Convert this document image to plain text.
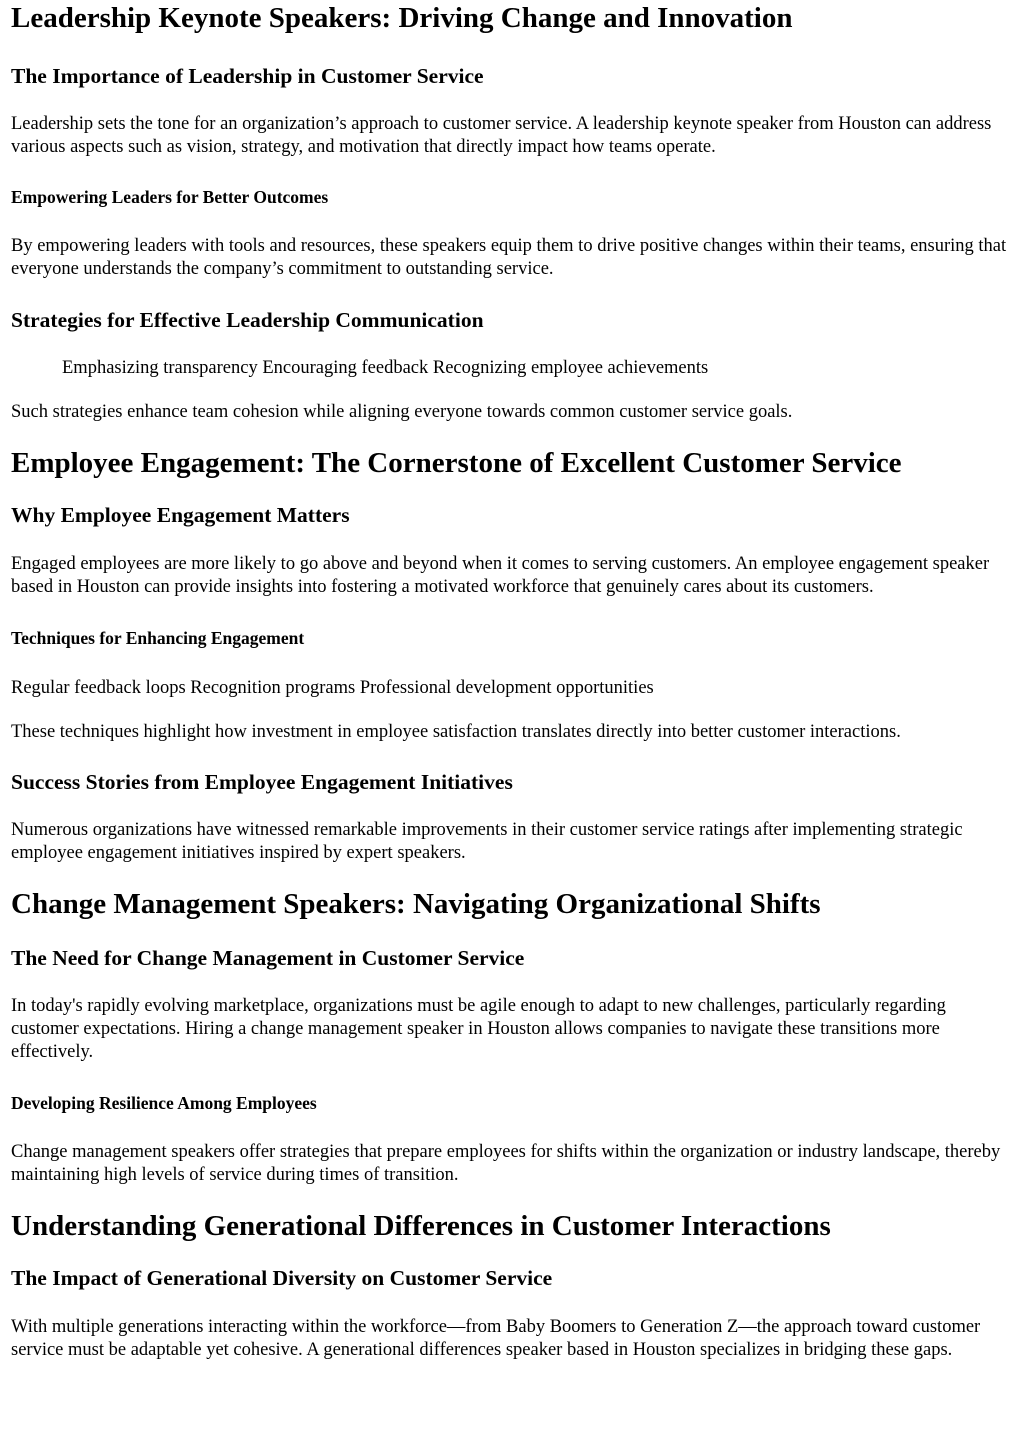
Leadership Keynote Speakers: Driving Change and Innovation
The Importance of Leadership in Customer Service

Leadership sets the tone for an organization’s approach to customer service. A leadership keynote speaker from Houston can address various aspects such as vision, strategy, and motivation that directly impact how teams operate.

Empowering Leaders for Better Outcomes

By empowering leaders with tools and resources, these speakers equip them to drive positive changes within their teams, ensuring that everyone understands the company’s commitment to outstanding service.

Strategies for Effective Leadership Communication

Emphasizing transparency Encouraging feedback Recognizing employee achievements

Such strategies enhance team cohesion while aligning everyone towards common customer service goals.

Employee Engagement: The Cornerstone of Excellent Customer Service
Why Employee Engagement Matters

Engaged employees are more likely to go above and beyond when it comes to serving customers. An employee engagement speaker based in Houston can provide insights into fostering a motivated workforce that genuinely cares about its customers.

Techniques for Enhancing Engagement

Regular feedback loops Recognition programs Professional development opportunities

These techniques highlight how investment in employee satisfaction translates directly into better customer interactions.

Success Stories from Employee Engagement Initiatives

Numerous organizations have witnessed remarkable improvements in their customer service ratings after implementing strategic employee engagement initiatives inspired by expert speakers.

Change Management Speakers: Navigating Organizational Shifts
The Need for Change Management in Customer Service

In today's rapidly evolving marketplace, organizations must be agile enough to adapt to new challenges, particularly regarding customer expectations. Hiring a change management speaker in Houston allows companies to navigate these transitions more effectively.

Developing Resilience Among Employees

Change management speakers offer strategies that prepare employees for shifts within the organization or industry landscape, thereby maintaining high levels of service during times of transition.

Understanding Generational Differences in Customer Interactions
The Impact of Generational Diversity on Customer Service

With multiple generations interacting within the workforce—from Baby Boomers to Generation Z—the approach toward customer service must be adaptable yet cohesive. A generational differences speaker based in Houston specializes in bridging these gaps.
